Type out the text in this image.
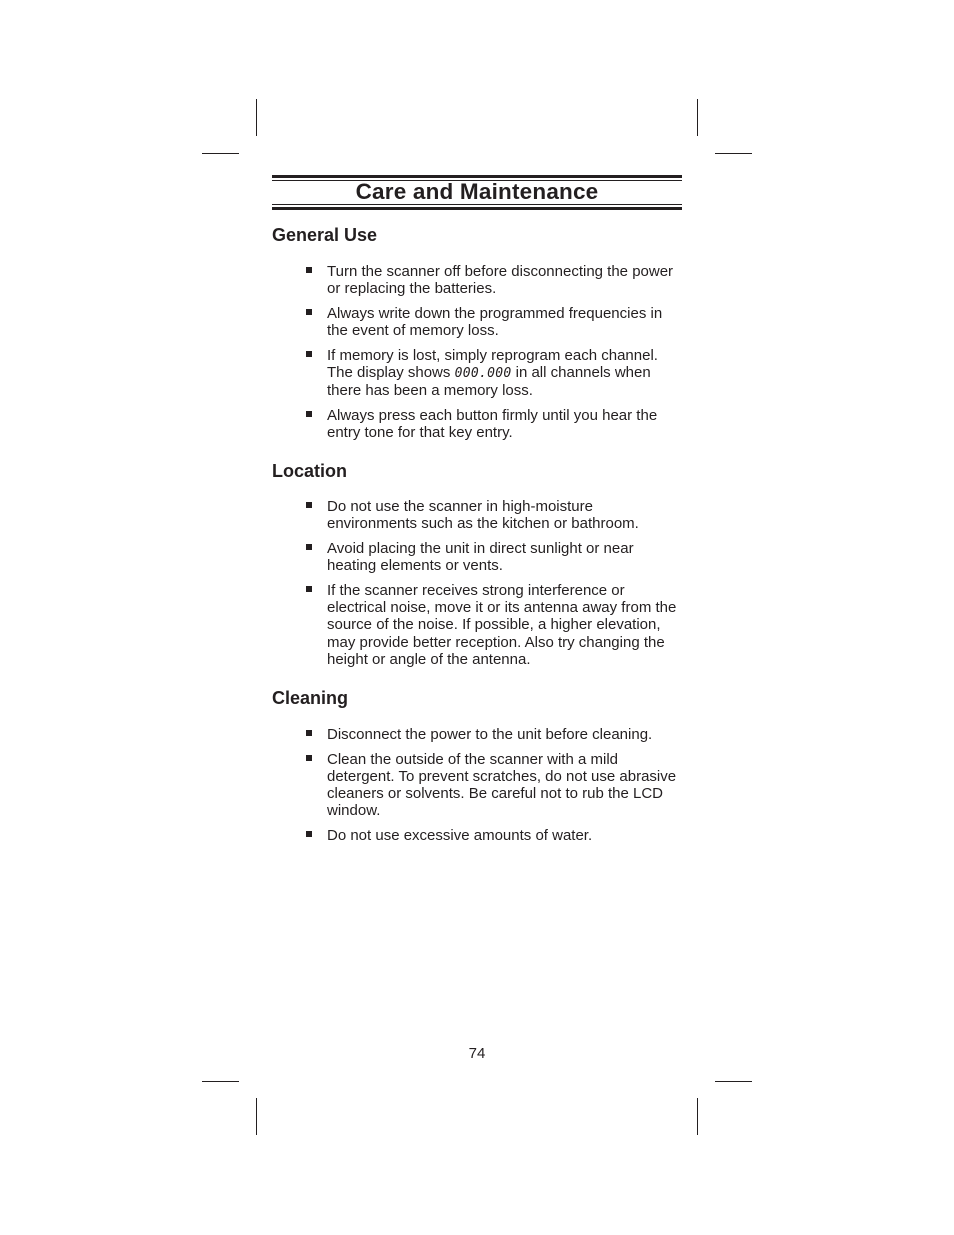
Care and Maintenance
General Use
Turn the scanner off before disconnecting the power or replacing the batteries.
Always write down the programmed frequencies in the event of memory loss.
If memory is lost, simply reprogram each channel. The display shows 000.000 in all channels when there has been a memory loss.
Always press each button firmly until you hear the entry tone for that key entry.
Location
Do not use the scanner in high-moisture environments such as the kitchen or bathroom.
Avoid placing the unit in direct sunlight or near heating elements or vents.
If the scanner receives strong interference or electrical noise, move it or its antenna away from the source of the noise. If possible, a higher elevation, may provide better reception. Also try changing the height or angle of the antenna.
Cleaning
Disconnect the power to the unit before cleaning.
Clean the outside of the scanner with a mild detergent. To prevent scratches, do not use abrasive cleaners or solvents. Be careful not to rub the LCD window.
Do not use excessive amounts of water.
74
